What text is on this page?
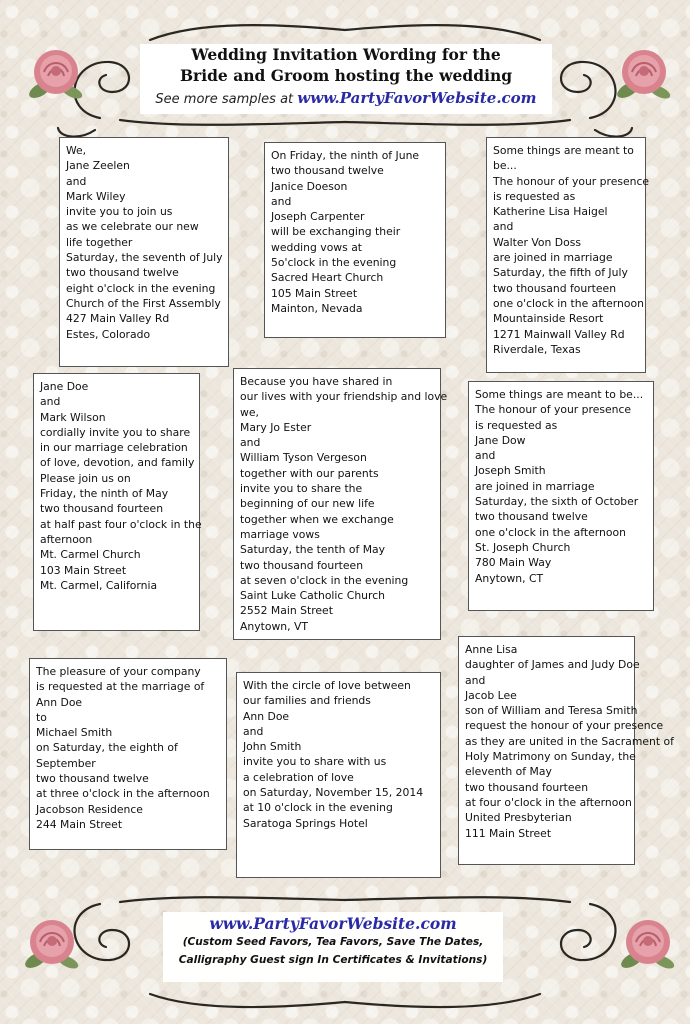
Wedding Invitation Wording for the
Bride and Groom hosting the wedding
See more samples at www.PartyFavorWebsite.com
We,
Jane Zeelen
and
Mark Wiley
invite you to join us
as we celebrate our new
life together
Saturday, the seventh of July
two thousand twelve
eight o'clock in the evening
Church of the First Assembly
427 Main Valley Rd
Estes, Colorado
On Friday, the ninth of June
two thousand twelve
Janice Doeson
and
Joseph Carpenter
will be exchanging their
wedding vows at
5o'clock in the evening
Sacred Heart Church
105 Main Street
Mainton, Nevada
Some things are meant to
be...
The honour of your presence
is requested as
Katherine Lisa Haigel
and
Walter Von Doss
are joined in marriage
Saturday, the fifth of July
two thousand fourteen
one o'clock in the afternoon
Mountainside Resort
1271 Mainwall Valley Rd
Riverdale, Texas
Jane Doe
and
Mark Wilson
cordially invite you to share
in our marriage celebration
of love, devotion, and family
Please join us on
Friday, the ninth of May
two thousand fourteen
at half past four o'clock in the
afternoon
Mt. Carmel Church
103 Main Street
Mt. Carmel, California
Because you have shared in
our lives with your friendship and love
we,
Mary Jo Ester
and
William Tyson Vergeson
together with our parents
invite you to share the
beginning of our new life
together when we exchange
marriage vows
Saturday, the tenth of May
two thousand fourteen
at seven o'clock in the evening
Saint Luke Catholic Church
2552 Main Street
Anytown, VT
Some things are meant to be...
The honour of your presence
is requested as
Jane Dow
and
Joseph Smith
are joined in marriage
Saturday, the sixth of October
two thousand twelve
one o'clock in the afternoon
St. Joseph Church
780 Main Way
Anytown, CT
The pleasure of your company
is requested at the marriage of
Ann Doe
to
Michael Smith
on Saturday, the eighth of
September
two thousand twelve
at three o'clock in the afternoon
Jacobson Residence
244 Main Street
With the circle of love between
our families and friends
Ann Doe
and
John Smith
invite you to share with us
a celebration of love
on Saturday, November 15, 2014
at 10 o'clock in the evening
Saratoga Springs Hotel
Anne Lisa
daughter of James and Judy Doe
and
Jacob Lee
son of William and Teresa Smith
request the honour of your presence
as they are united in the Sacrament of
Holy Matrimony on Sunday, the
eleventh of May
two thousand fourteen
at four o'clock in the afternoon
United Presbyterian
111 Main Street
www.PartyFavorWebsite.com
(Custom Seed Favors, Tea Favors, Save The Dates,
Calligraphy Guest sign In Certificates & Invitations)
